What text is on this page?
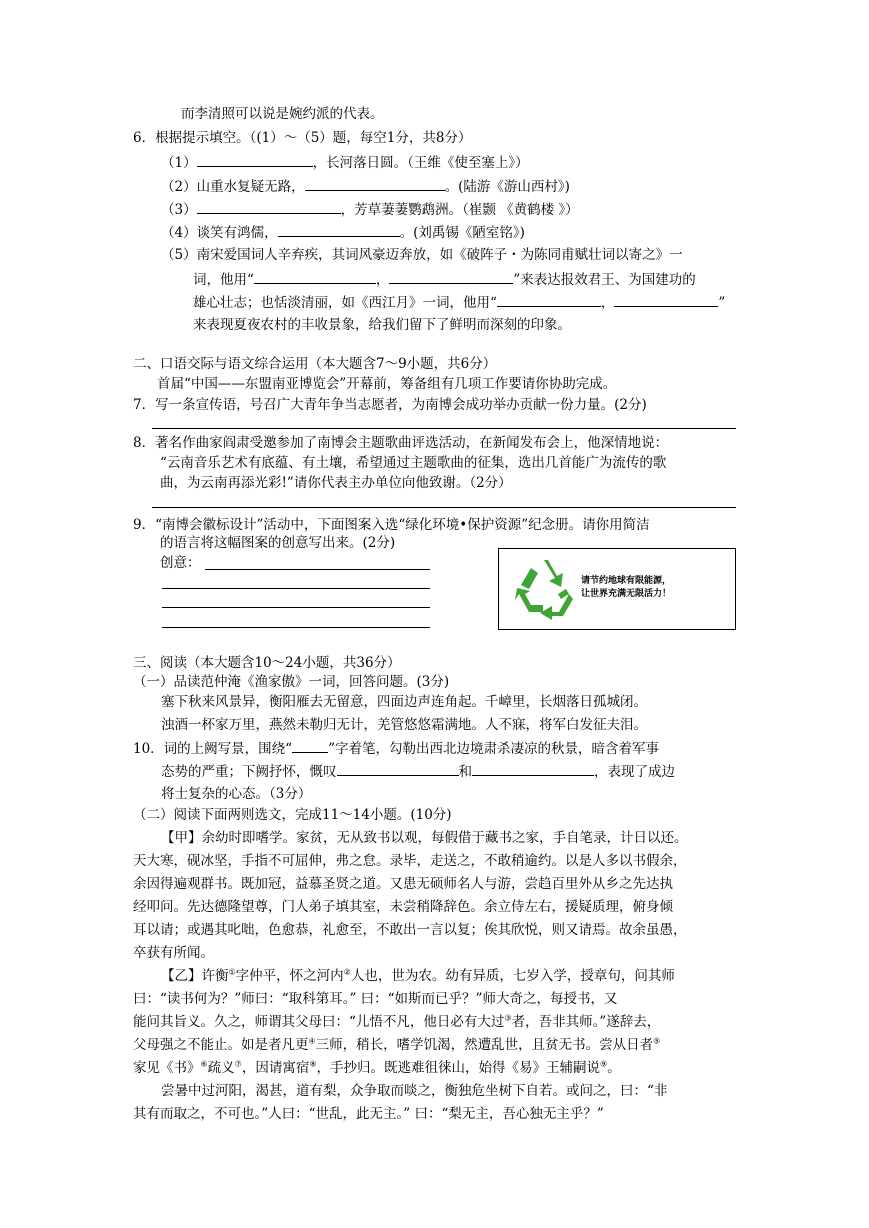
而李清照可以说是婉约派的代表。
6．根据提示填空。（(1）～（5）题，每空1分，共8分）
（1）	，长河落日圆。（王维《使至塞上》）
（2）山重水复疑无路，	。(陆游《游山西村》)
（3）	，芳草萋萋鹦鹉洲。（崔颢 《黄鹤楼 》）
（4）谈笑有鸿儒，	。(刘禹锡《陋室铭》)
（5）南宋爱国词人辛弃疾，其词风豪迈奔放，如《破阵子・为陈同甫赋壮词以寄之》一
词，他用“	，	”来表达报效君王、为国建功的
雄心壮志；也恬淡清丽，如《西江月》一词，他用“	，	”
来表现夏夜农村的丰收景象，给我们留下了鲜明而深刻的印象。
二、口语交际与语文综合运用（本大题含7～9小题，共6分）
首届“中国——东盟南亚博览会”开幕前，筹备组有几项工作要请你协助完成。
7．写一条宣传语，号召广大青年争当志愿者，为南博会成功举办贡献一份力量。(2分)
8．著名作曲家阎肃受邀参加了南博会主题歌曲评选活动，在新闻发布会上，他深情地说：
“云南音乐艺术有底蕴、有土壤，希望通过主题歌曲的征集，选出几首能广为流传的歌
曲，为云南再添光彩!”请你代表主办单位向他致谢。（2分）
9．“南博会徽标设计”活动中，下面图案入选“绿化环境•保护资源”纪念册。请你用简洁
的语言将这幅图案的创意写出来。(2分)
创意：
请节约地球有限能源，
让世界充满无限活力！
三、阅读（本大题含10～24小题，共36分）
（一）品读范仲淹《渔家傲》一词，回答问题。(3分)
塞下秋来风景异，衡阳雁去无留意，四面边声连角起。千嶂里，长烟落日孤城闭。
浊酒一杯家万里，燕然未勒归无计，羌管悠悠霜满地。人不寐，将军白发征夫泪。
10．词的上阙写景，围绕“	”字着笔，勾勒出西北边境肃杀凄凉的秋景，暗含着军事
态势的严重；下阙抒怀，慨叹	和	，表现了成边
将士复杂的心态。（3分）
（二）阅读下面两则选文，完成11～14小题。(10分)
【甲】余幼时即嗜学。家贫，无从致书以观，每假借于藏书之家，手自笔录，计日以还。
天大寒，砚冰坚，手指不可屈伸，弗之怠。录毕，走送之，不敢稍逾约。以是人多以书假余，
余因得遍观群书。既加冠，益慕圣贤之道。又患无硕师名人与游，尝趋百里外从乡之先达执
经叩问。先达德隆望尊，门人弟子填其室，未尝稍降辞色。余立侍左右，援疑质理，俯身倾
耳以请；或遇其叱咄，色愈恭，礼愈至，不敢出一言以复；俟其欣悦，则又请焉。故余虽愚，
卒获有所闻。
【乙】许衡①字仲平，怀之河内②人也，世为农。幼有异质，七岁入学，授章句，问其师
曰：“读书何为？”师曰：“取科第耳。” 曰：“如斯而已乎？”师大奇之，每授书，又
能问其旨义。久之，师谓其父母曰：“儿悟不凡，他日必有大过③者，吾非其师。”遂辞去，
父母强之不能止。如是者凡更④三师，稍长，嗜学饥渴，然遭乱世，且贫无书。尝从日者⑤
家见《书》⑥疏义⑦，因请寓宿⑧，手抄归。既逃难徂徕山，始得《易》王辅嗣说⑨。
尝暑中过河阳，渴甚，道有梨，众争取而啖之，衡独危坐树下自若。或问之，曰：“非
其有而取之，不可也。”人曰：“世乱，此无主。” 曰：“梨无主，吾心独无主乎？”
